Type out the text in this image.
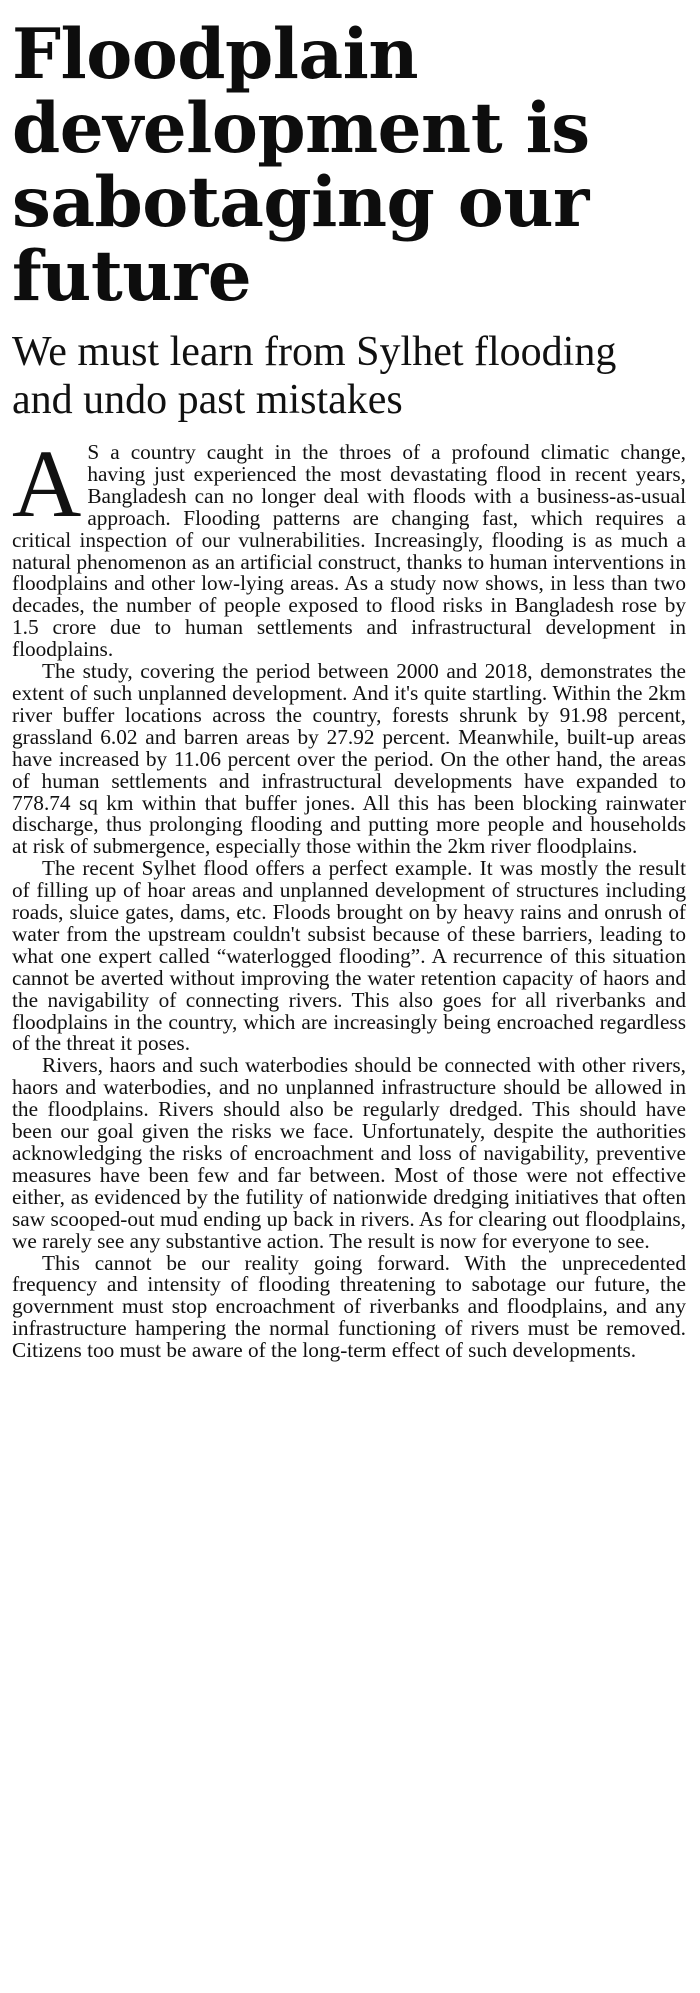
Floodplain development is sabotaging our future
We must learn from Sylhet flooding and undo past mistakes

A S a country caught in the throes of a profound climatic change, having just experienced the most devastating flood in recent years, Bangladesh can no longer deal with floods with a business-as-usual approach. Flooding patterns are changing fast, which requires a critical inspection of our vulnerabilities. Increasingly, flooding is as much a natural phenomenon as an artificial construct, thanks to human interventions in floodplains and other low-lying areas. As a study now shows, in less than two decades, the number of people exposed to flood risks in Bangladesh rose by 1.5 crore due to human settlements and infrastructural development in floodplains.

The study, covering the period between 2000 and 2018, demonstrates the extent of such unplanned development. And it's quite startling. Within the 2km river buffer locations across the country, forests shrunk by 91.98 percent, grassland 6.02 and barren areas by 27.92 percent. Meanwhile, built-up areas have increased by 11.06 percent over the period. On the other hand, the areas of human settlements and infrastructural developments have expanded to 778.74 sq km within that buffer jones. All this has been blocking rainwater discharge, thus prolonging flooding and putting more people and households at risk of submergence, especially those within the 2km river floodplains.

The recent Sylhet flood offers a perfect example. It was mostly the result of filling up of hoar areas and unplanned development of structures including roads, sluice gates, dams, etc. Floods brought on by heavy rains and onrush of water from the upstream couldn't subsist because of these barriers, leading to what one expert called “waterlogged flooding”. A recurrence of this situation cannot be averted without improving the water retention capacity of haors and the navigability of connecting rivers. This also goes for all riverbanks and floodplains in the country, which are increasingly being encroached regardless of the threat it poses.

Rivers, haors and such waterbodies should be connected with other rivers, haors and waterbodies, and no unplanned infrastructure should be allowed in the floodplains. Rivers should also be regularly dredged. This should have been our goal given the risks we face. Unfortunately, despite the authorities acknowledging the risks of encroachment and loss of navigability, preventive measures have been few and far between. Most of those were not effective either, as evidenced by the futility of nationwide dredging initiatives that often saw scooped-out mud ending up back in rivers. As for clearing out floodplains, we rarely see any substantive action. The result is now for everyone to see.

This cannot be our reality going forward. With the unprecedented frequency and intensity of flooding threatening to sabotage our future, the government must stop encroachment of riverbanks and floodplains, and any infrastructure hampering the normal functioning of rivers must be removed. Citizens too must be aware of the long-term effect of such developments.
